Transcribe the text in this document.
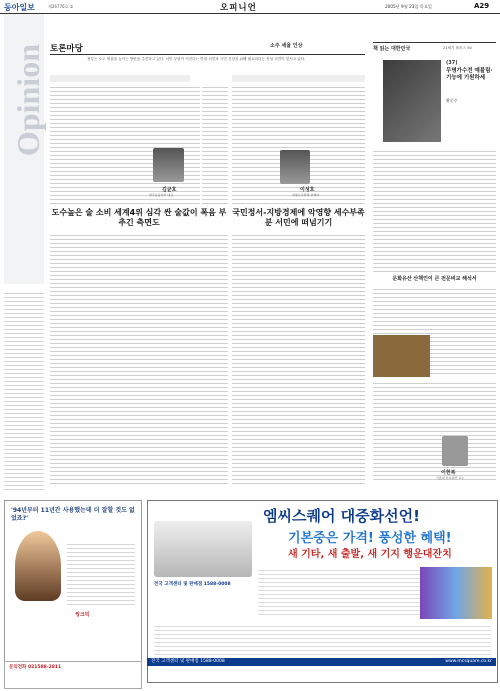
동아일보	제26776호 ②	오피니언	2005년 9월 23일 목요일	A29
Opinion 토론마당	소주 세율 인상
정부는 소주 세율을 높이는 방안을 추진하고 있다. 서민 부담이 커진다는 반대 의견과 국민 건강을 위해 필요하다는 찬성 의견이 맞서고 있다.
김균호
절주운동본부 대표
도수높은 술 소비 세계4위 심각 싼 술값이 폭음 부추긴 측면도
이성호
지방소주업체 관계자
국민정서-지방경제에 악영향 세수부족분 서민에 떠넘기기
책 읽는 대한민국	21세기 플러스 50
(37)
무명가수전 예불림·기능에 기원하세
황순주
문화유산 산책인이 큰 전문비교 해석서
이헌복
서울대 인지과학 교수
'94년부터 11년간 사용했는데 더 잘할 것도 없었죠?'
씽크빅
문의전화 021588-2811
엠씨스퀘어 대중화선언!
기본중은 가격! 풍성한 혜택!
새 기타, 새 출발, 새 기지 행운대잔치
전국 고객센터 및 판매점 1588-0008
전국 고객센터 및 판매점 1588-0008	www.mcsquare.co.kr
